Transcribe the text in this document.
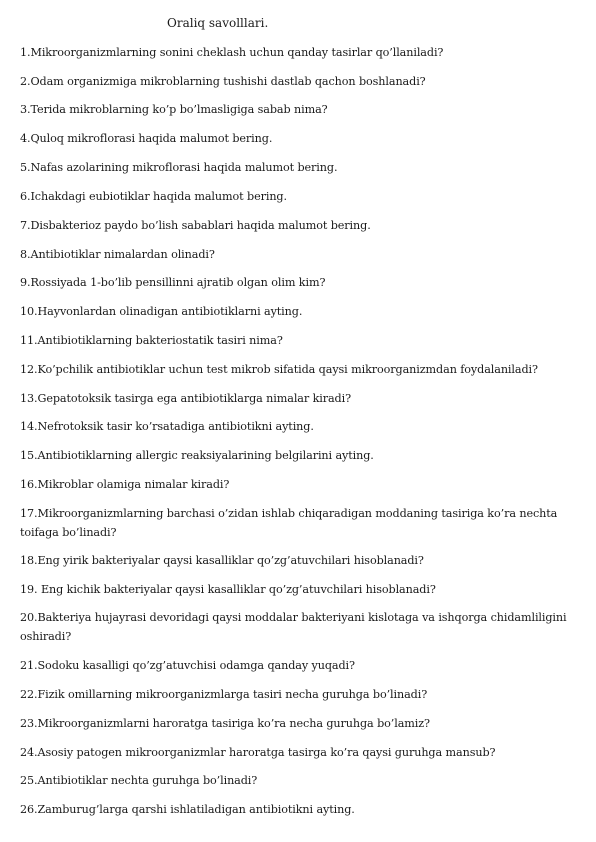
Oraliq savolllari.
1.Mikroorganizmlarning sonini cheklash uchun qanday tasirlar qo’llaniladi?
2.Odam organizmiga mikroblarning tushishi dastlab qachon boshlanadi?
3.Terida mikroblarning ko’p bo’lmasligiga sabab nima?
4.Quloq mikroflorasi haqida malumot bering.
5.Nafas azolarining mikroflorasi haqida malumot bering.
6.Ichakdagi eubiotiklar haqida malumot bering.
7.Disbakterioz paydo bo’lish sabablari haqida malumot bering.
8.Antibiotiklar nimalardan olinadi?
9.Rossiyada 1-bo’lib pensillinni ajratib olgan olim kim?
10.Hayvonlardan olinadigan antibiotiklarni ayting.
11.Antibiotiklarning bakteriostatik tasiri nima?
12.Ko’pchilik antibiotiklar uchun test mikrob sifatida qaysi mikroorganizmdan foydalaniladi?
13.Gepatotoksik tasirga ega antibiotiklarga nimalar kiradi?
14.Nefrotoksik tasir ko’rsatadiga antibiotikni ayting.
15.Antibiotiklarning allergic reaksiyalarining belgilarini ayting.
16.Mikroblar olamiga nimalar kiradi?
17.Mikroorganizmlarning barchasi o’zidan ishlab chiqaradigan moddaning tasiriga ko’ra nechta toifaga bo’linadi?
18.Eng yirik bakteriyalar qaysi kasalliklar qo’zg’atuvchilari hisoblanadi?
19. Eng kichik bakteriyalar qaysi kasalliklar qo’zg’atuvchilari hisoblanadi?
20.Bakteriya hujayrasi devoridagi qaysi moddalar bakteriyani kislotaga va ishqorga chidamliligini oshiradi?
21.Sodoku kasalligi qo’zg’atuvchisi odamga qanday yuqadi?
22.Fizik omillarning mikroorganizmlarga tasiri necha guruhga bo’linadi?
23.Mikroorganizmlarni haroratga tasiriga ko’ra necha guruhga bo’lamiz?
24.Asosiy patogen mikroorganizmlar haroratga tasirga ko’ra qaysi guruhga mansub?
25.Antibiotiklar nechta guruhga bo’linadi?
26.Zamburug’larga qarshi ishlatiladigan antibiotikni ayting.
